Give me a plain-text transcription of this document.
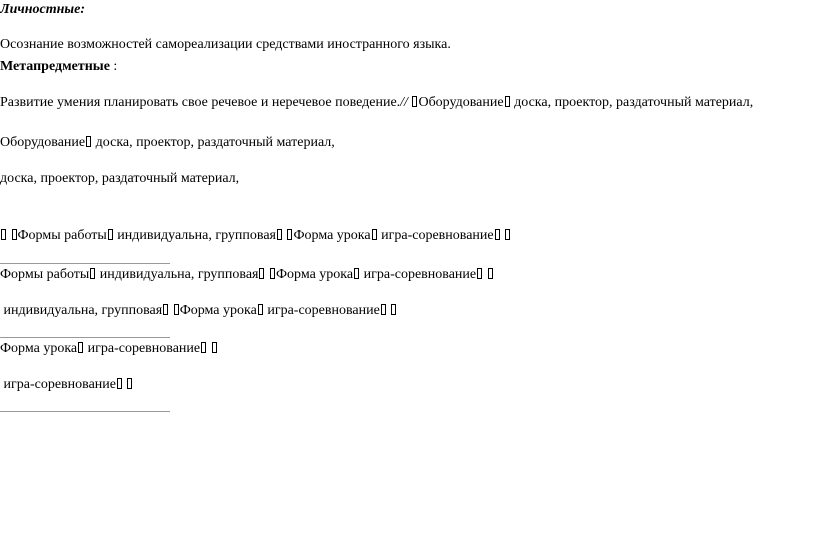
Личностные:
Осознание возможностей самореализации средствами иностранного языка.
Метапредметные :
Развитие умения планировать свое речевое и неречевое поведение.// Оборудование доска, проектор, раздаточный материал,
Оборудование доска, проектор, раздаточный материал,
доска, проектор, раздаточный материал,
Формы работы индивидуальна, групповая Форма урока игра-соревнование
Формы работы индивидуальна, групповая Форма урока игра-соревнование
индивидуальна, групповая Форма урока игра-соревнование
Форма урока игра-соревнование
игра-соревнование
